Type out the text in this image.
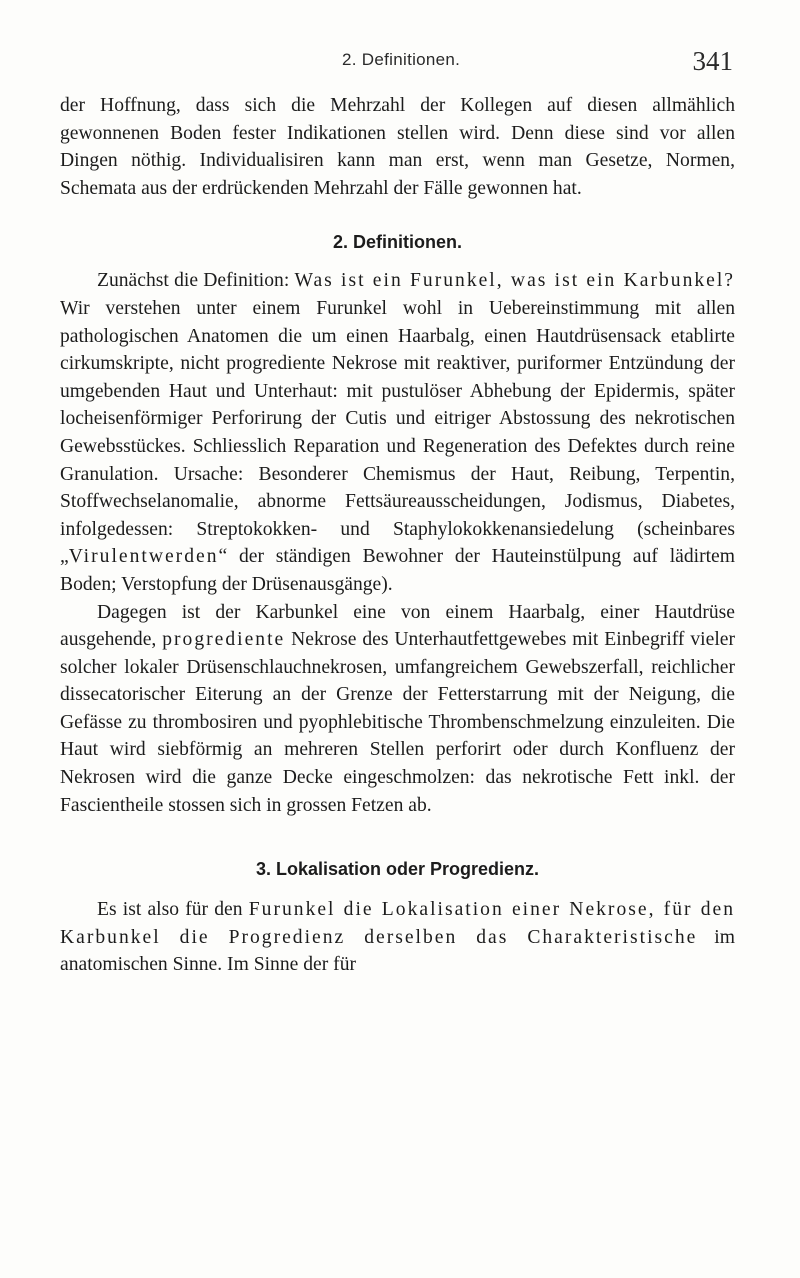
2. Definitionen.	341

der Hoffnung, dass sich die Mehrzahl der Kollegen auf diesen allmählich gewonnenen Boden fester Indikationen stellen wird. Denn diese sind vor allen Dingen nöthig. Individualisiren kann man erst, wenn man Gesetze, Normen, Schemata aus der erdrückenden Mehrzahl der Fälle gewonnen hat.

2. Definitionen.

Zunächst die Definition: Was ist ein Furunkel, was ist ein Karbunkel? Wir verstehen unter einem Furunkel wohl in Uebereinstimmung mit allen pathologischen Anatomen die um einen Haarbalg, einen Hautdrüsensack etablirte cirkumskripte, nicht progrediente Nekrose mit reaktiver, puriformer Entzündung der umgebenden Haut und Unterhaut: mit pustulöser Abhebung der Epidermis, später locheisenförmiger Perforirung der Cutis und eitriger Abstossung des nekrotischen Gewebsstückes. Schliesslich Reparation und Regeneration des Defektes durch reine Granulation. Ursache: Besonderer Chemismus der Haut, Reibung, Terpentin, Stoffwechselanomalie, abnorme Fettsäureausscheidungen, Jodismus, Diabetes, infolgedessen: Streptokokken- und Staphylokokkenansiedelung (scheinbares „Virulentwerden“ der ständigen Bewohner der Hauteinstülpung auf lädirtem Boden; Verstopfung der Drüsenausgänge).

Dagegen ist der Karbunkel eine von einem Haarbalg, einer Hautdrüse ausgehende, progrediente Nekrose des Unterhautfettgewebes mit Einbegriff vieler solcher lokaler Drüsenschlauchnekrosen, umfangreichem Gewebszerfall, reichlicher dissecatorischer Eiterung an der Grenze der Fetterstarrung mit der Neigung, die Gefässe zu thrombosiren und pyophlebitische Thrombenschmelzung einzuleiten. Die Haut wird siebförmig an mehreren Stellen perforirt oder durch Konfluenz der Nekrosen wird die ganze Decke eingeschmolzen: das nekrotische Fett inkl. der Fascientheile stossen sich in grossen Fetzen ab.

3. Lokalisation oder Progredienz.

Es ist also für den Furunkel die Lokalisation einer Nekrose, für den Karbunkel die Progredienz derselben das Charakteristische im anatomischen Sinne. Im Sinne der für
